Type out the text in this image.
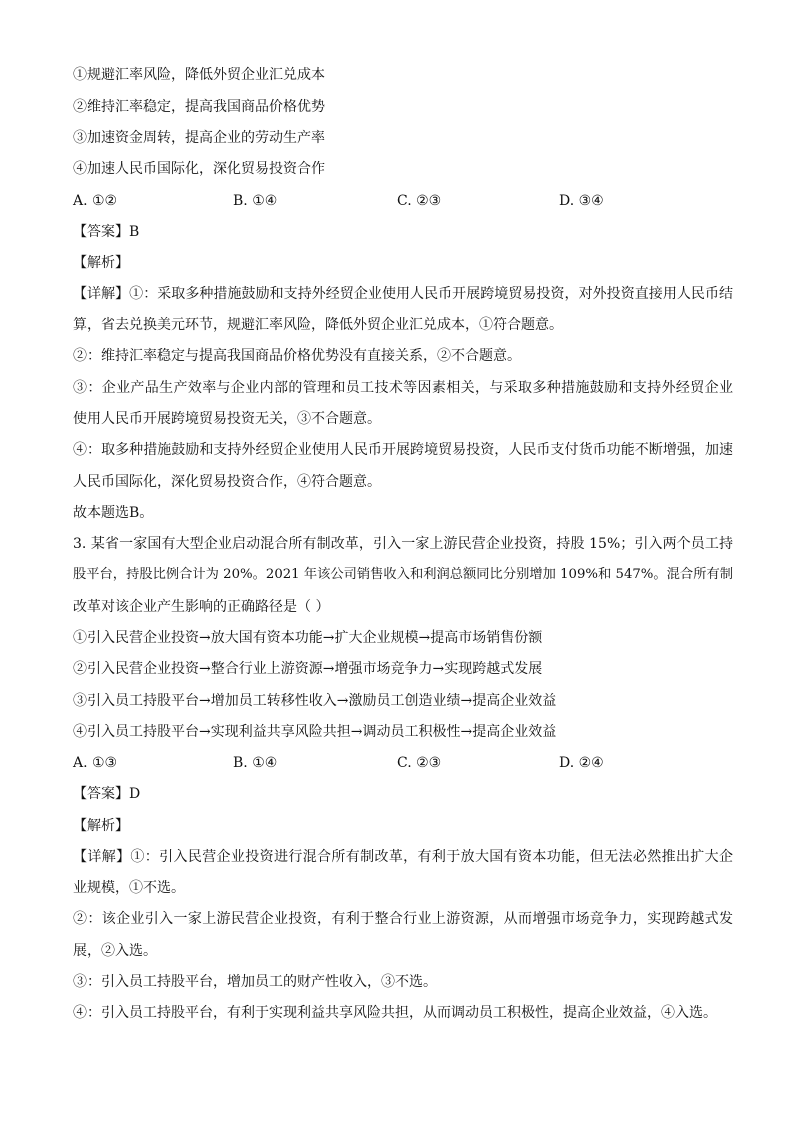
①规避汇率风险，降低外贸企业汇兑成本
②维持汇率稳定，提高我国商品价格优势
③加速资金周转，提高企业的劳动生产率
④加速人民币国际化，深化贸易投资合作
A. ①②	B. ①④	C. ②③	D. ③④
【答案】B
【解析】
【详解】①：采取多种措施鼓励和支持外经贸企业使用人民币开展跨境贸易投资，对外投资直接用人民币结
算，省去兑换美元环节，规避汇率风险，降低外贸企业汇兑成本，①符合题意。
②：维持汇率稳定与提高我国商品价格优势没有直接关系，②不合题意。
③：企业产品生产效率与企业内部的管理和员工技术等因素相关，与采取多种措施鼓励和支持外经贸企业
使用人民币开展跨境贸易投资无关，③不合题意。
④：取多种措施鼓励和支持外经贸企业使用人民币开展跨境贸易投资，人民币支付货币功能不断增强，加速
人民币国际化，深化贸易投资合作，④符合题意。
故本题选B。
3. 某省一家国有大型企业启动混合所有制改革，引入一家上游民营企业投资，持股 15%；引入两个员工持
股平台，持股比例合计为 20%。2021 年该公司销售收入和利润总额同比分别增加 109%和 547%。混合所有制
改革对该企业产生影响的正确路径是（ ）
①引入民营企业投资→放大国有资本功能→扩大企业规模→提高市场销售份额
②引入民营企业投资→整合行业上游资源→增强市场竞争力→实现跨越式发展
③引入员工持股平台→增加员工转移性收入→激励员工创造业绩→提高企业效益
④引入员工持股平台→实现利益共享风险共担→调动员工积极性→提高企业效益
A. ①③	B. ①④	C. ②③	D. ②④
【答案】D
【解析】
【详解】①：引入民营企业投资进行混合所有制改革，有利于放大国有资本功能，但无法必然推出扩大企
业规模，①不选。
②：该企业引入一家上游民营企业投资，有利于整合行业上游资源，从而增强市场竞争力，实现跨越式发
展，②入选。
③：引入员工持股平台，增加员工的财产性收入，③不选。
④：引入员工持股平台，有利于实现利益共享风险共担，从而调动员工积极性，提高企业效益，④入选。
